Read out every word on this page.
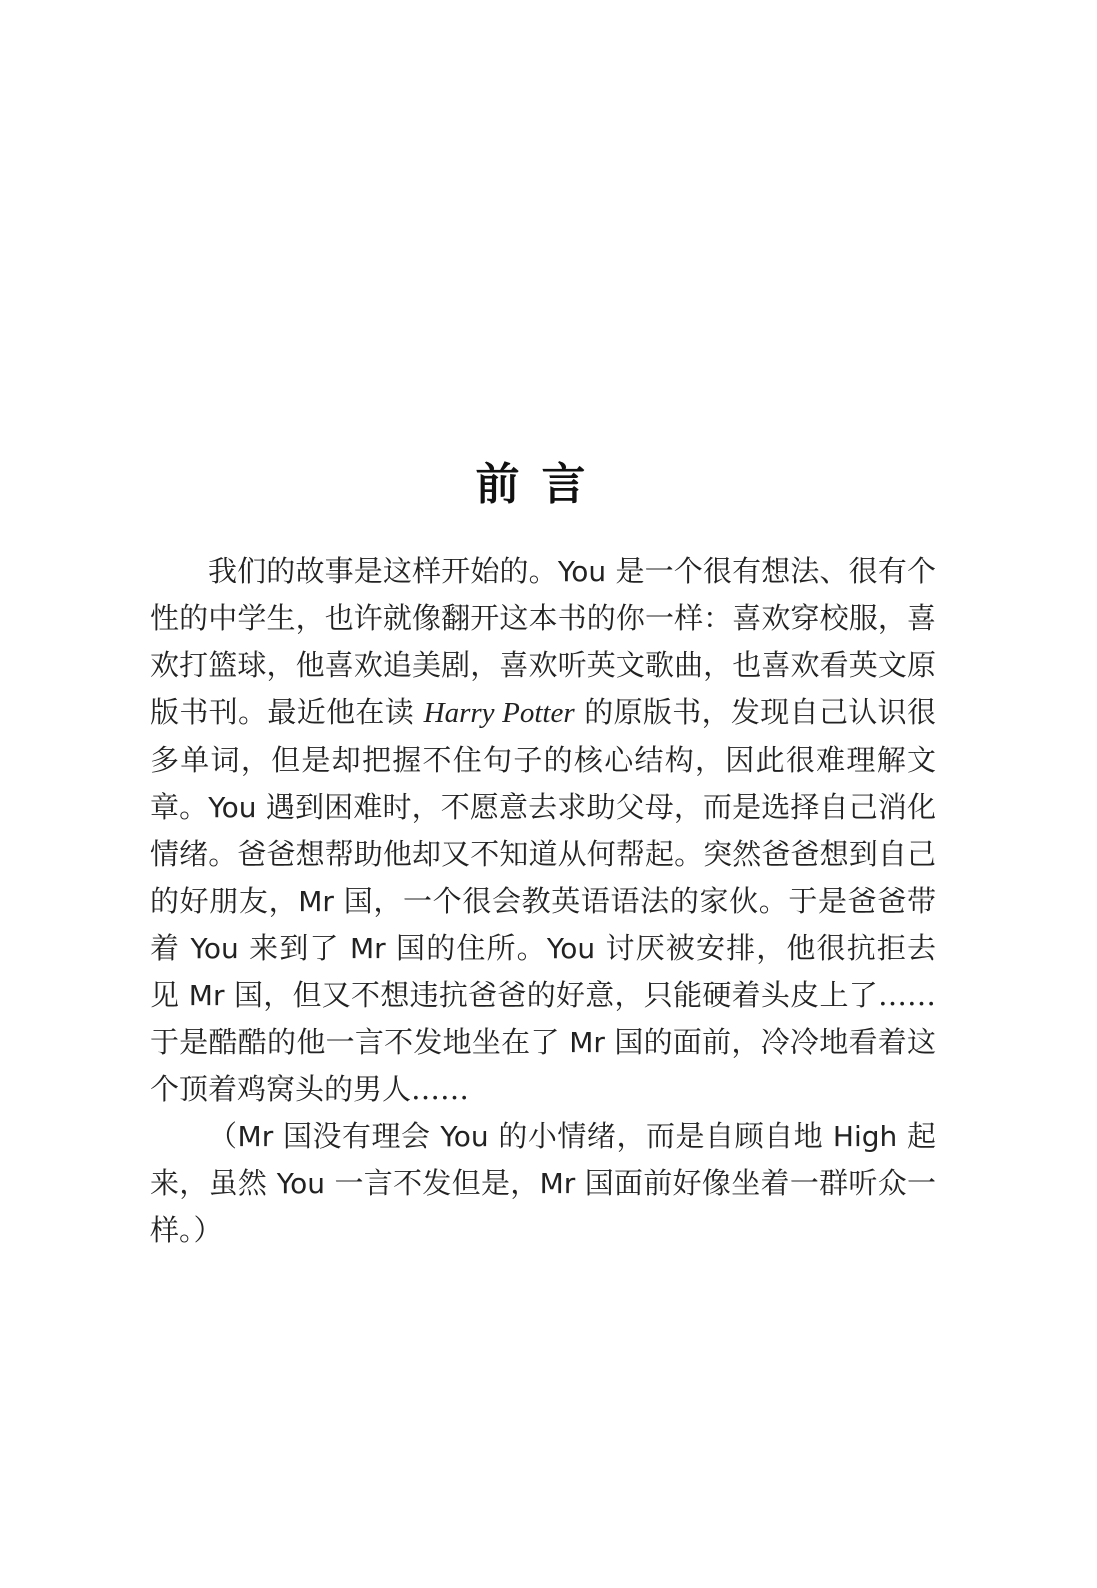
前言

我们的故事是这样开始的。You 是一个很有想法、很有个性的中学生，也许就像翻开这本书的你一样：喜欢穿校服，喜欢打篮球，他喜欢追美剧，喜欢听英文歌曲，也喜欢看英文原版书刊。最近他在读 Harry Potter 的原版书，发现自己认识很多单词，但是却把握不住句子的核心结构，因此很难理解文章。You 遇到困难时，不愿意去求助父母，而是选择自己消化情绪。爸爸想帮助他却又不知道从何帮起。突然爸爸想到自己的好朋友，Mr 国，一个很会教英语语法的家伙。于是爸爸带着 You 来到了 Mr 国的住所。You 讨厌被安排，他很抗拒去见 Mr 国，但又不想违抗爸爸的好意，只能硬着头皮上了……于是酷酷的他一言不发地坐在了 Mr 国的面前，冷冷地看着这个顶着鸡窝头的男人……

（Mr 国没有理会 You 的小情绪，而是自顾自地 High 起来，虽然 You 一言不发但是，Mr 国面前好像坐着一群听众一样。）
